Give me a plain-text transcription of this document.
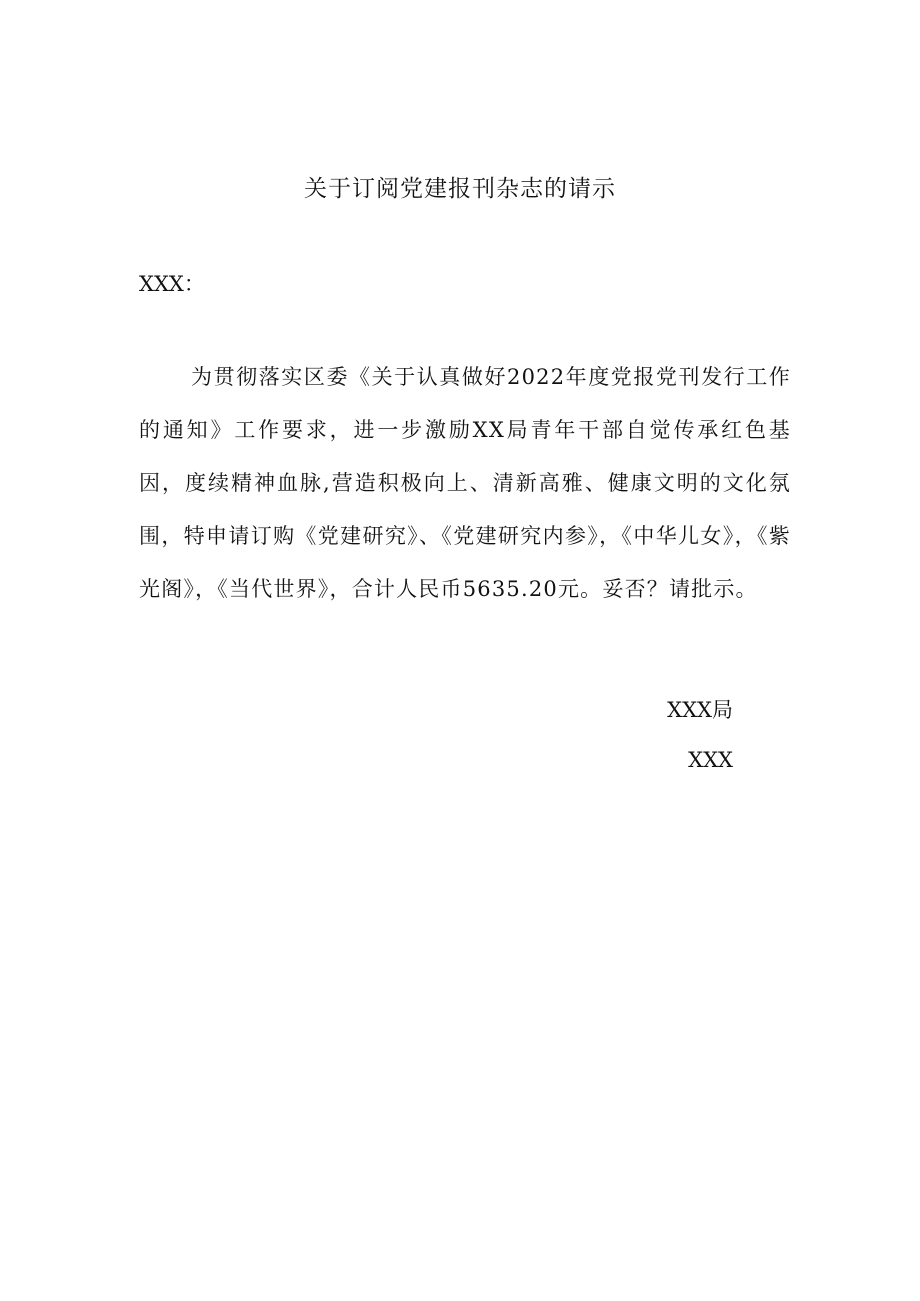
关于订阅党建报刊杂志的请示
XXX：
为贯彻落实区委《关于认真做好2022年度党报党刊发行工作的通知》工作要求，进一步激励XX局青年干部自觉传承红色基因，度续精神血脉,营造积极向上、清新高雅、健康文明的文化氛围，特申请订购《党建研究》、《党建研究内参》，《中华儿女》，《紫光阁》，《当代世界》，合计人民币5635.20元。妥否？请批示。
XXX局
XXX
